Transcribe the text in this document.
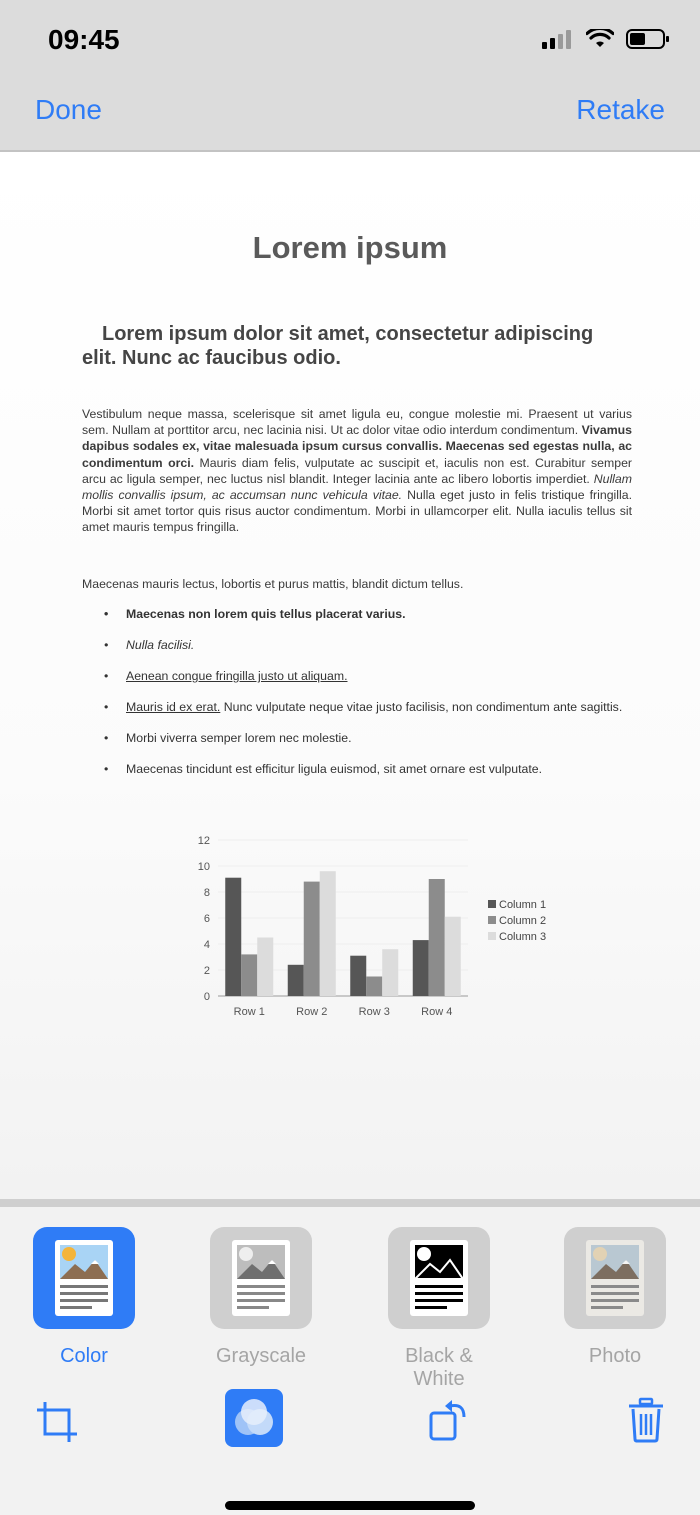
09:45
Done	Retake
Lorem ipsum
Lorem ipsum dolor sit amet, consectetur adipiscing
elit. Nunc ac faucibus odio.
Vestibulum neque massa, scelerisque sit amet ligula eu, congue molestie mi. Praesent ut varius sem. Nullam at porttitor arcu, nec lacinia nisi. Ut ac dolor vitae odio interdum condimentum. Vivamus dapibus sodales ex, vitae malesuada ipsum cursus convallis. Maecenas sed egestas nulla, ac condimentum orci. Mauris diam felis, vulputate ac suscipit et, iaculis non est. Curabitur semper arcu ac ligula semper, nec luctus nisl blandit. Integer lacinia ante ac libero lobortis imperdiet. Nullam mollis convallis ipsum, ac accumsan nunc vehicula vitae. Nulla eget justo in felis tristique fringilla. Morbi sit amet tortor quis risus auctor condimentum. Morbi in ullamcorper elit. Nulla iaculis tellus sit amet mauris tempus fringilla.
Maecenas mauris lectus, lobortis et purus mattis, blandit dictum tellus.
• Maecenas non lorem quis tellus placerat varius.
• Nulla facilisi.
• Aenean congue fringilla justo ut aliquam.
• Mauris id ex erat. Nunc vulputate neque vitae justo facilisis, non condimentum ante sagittis.
• Morbi viverra semper lorem nec molestie.
• Maecenas tincidunt est efficitur ligula euismod, sit amet ornare est vulputate.
0
2
4
6
8
10
12
Row 1	Row 2	Row 3	Row 4
Column 1
Column 2
Column 3
Color	Grayscale	Black & White
Photo
